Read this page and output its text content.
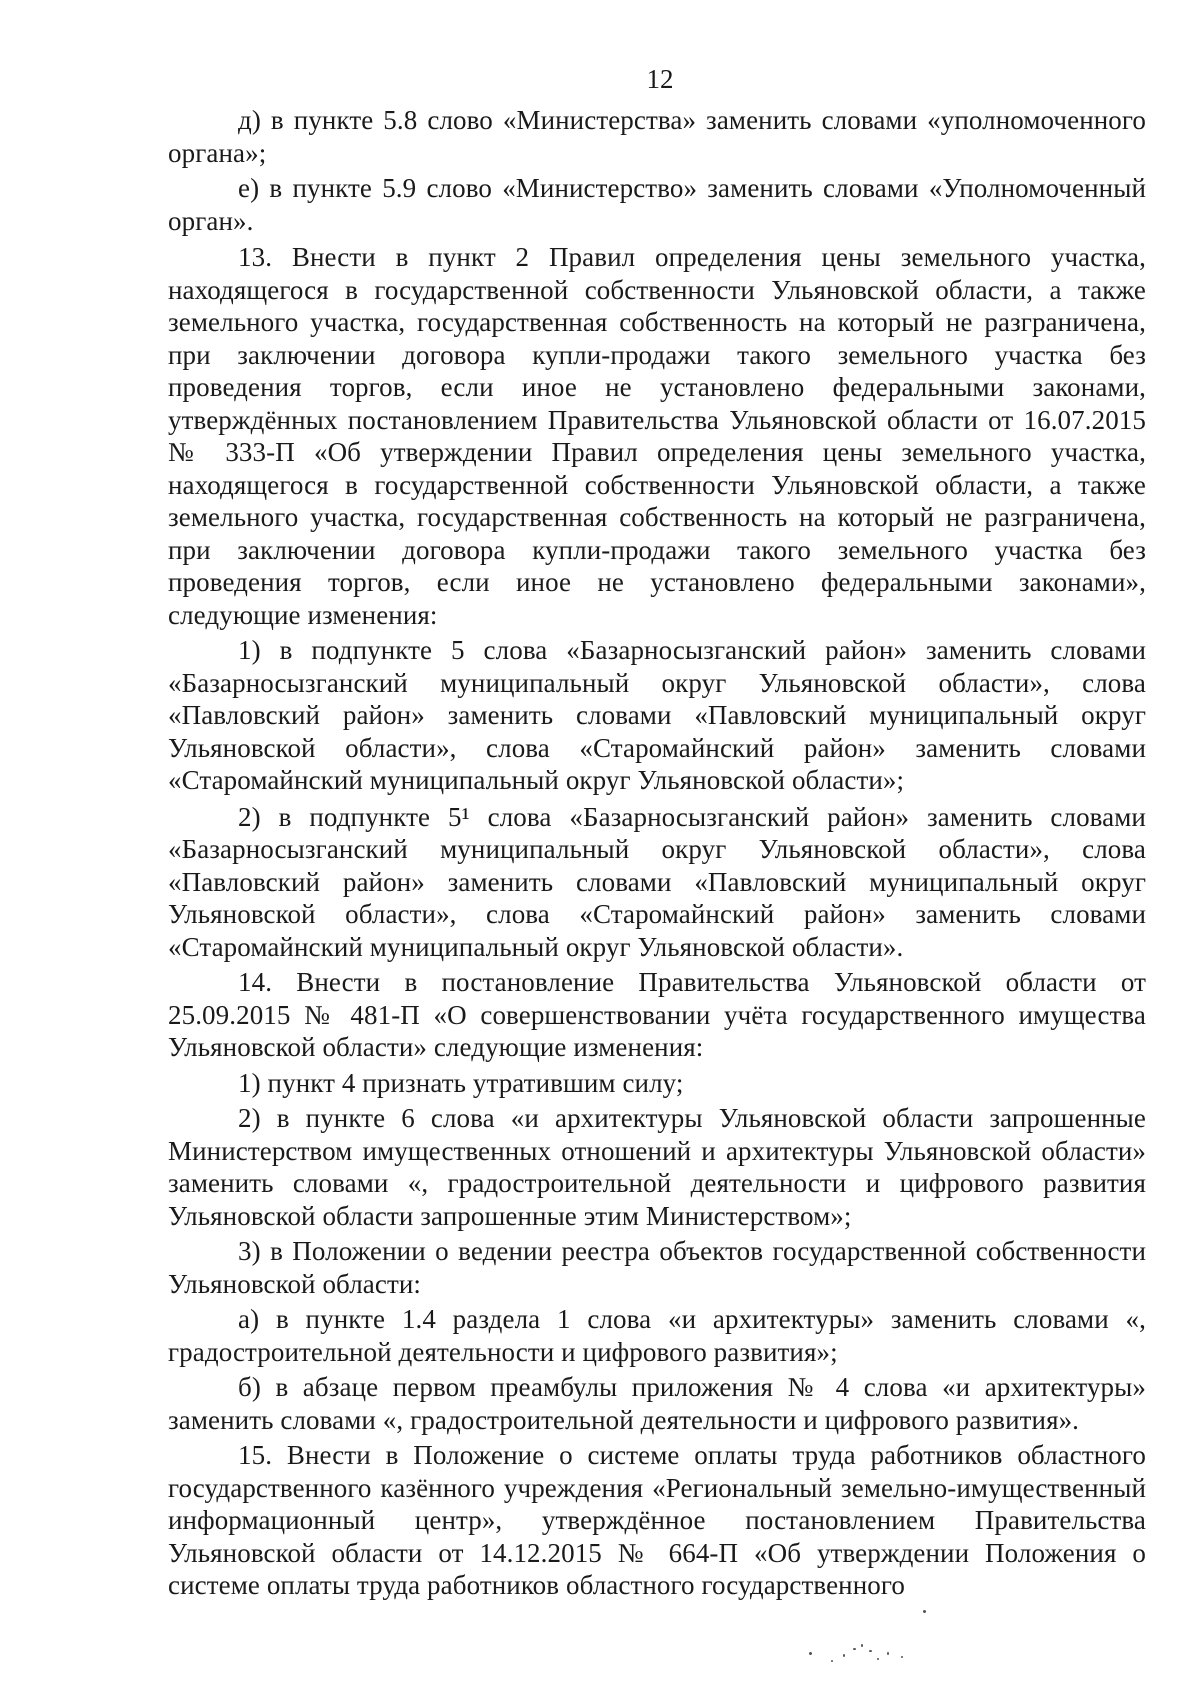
12

д) в пункте 5.8 слово «Министерства» заменить словами «уполномоченного органа»;

е) в пункте 5.9 слово «Министерство» заменить словами «Уполномоченный орган».

13. Внести в пункт 2 Правил определения цены земельного участка, находящегося в государственной собственности Ульяновской области, а также земельного участка, государственная собственность на который не разграничена, при заключении договора купли-продажи такого земельного участка без проведения торгов, если иное не установлено федеральными законами, утверждённых постановлением Правительства Ульяновской области от 16.07.2015 № 333-П «Об утверждении Правил определения цены земельного участка, находящегося в государственной собственности Ульяновской области, а также земельного участка, государственная собственность на который не разграничена, при заключении договора купли-продажи такого земельного участка без проведения торгов, если иное не установлено федеральными законами», следующие изменения:

1) в подпункте 5 слова «Базарносызганский район» заменить словами «Базарносызганский муниципальный округ Ульяновской области», слова «Павловский район» заменить словами «Павловский муниципальный округ Ульяновской области», слова «Старомайнский район» заменить словами «Старомайнский муниципальный округ Ульяновской области»;

2) в подпункте 5¹ слова «Базарносызганский район» заменить словами «Базарносызганский муниципальный округ Ульяновской области», слова «Павловский район» заменить словами «Павловский муниципальный округ Ульяновской области», слова «Старомайнский район» заменить словами «Старомайнский муниципальный округ Ульяновской области».

14. Внести в постановление Правительства Ульяновской области от 25.09.2015 № 481-П «О совершенствовании учёта государственного имущества Ульяновской области» следующие изменения:

1) пункт 4 признать утратившим силу;

2) в пункте 6 слова «и архитектуры Ульяновской области запрошенные Министерством имущественных отношений и архитектуры Ульяновской области» заменить словами «, градостроительной деятельности и цифрового развития Ульяновской области запрошенные этим Министерством»;

3) в Положении о ведении реестра объектов государственной собственности Ульяновской области:

а) в пункте 1.4 раздела 1 слова «и архитектуры» заменить словами «, градостроительной деятельности и цифрового развития»;

б) в абзаце первом преамбулы приложения № 4 слова «и архитектуры» заменить словами «, градостроительной деятельности и цифрового развития».

15. Внести в Положение о системе оплаты труда работников областного государственного казённого учреждения «Региональный земельно-имущественный информационный центр», утверждённое постановлением Правительства Ульяновской области от 14.12.2015 № 664-П «Об утверждении Положения о системе оплаты труда работников областного государственного
